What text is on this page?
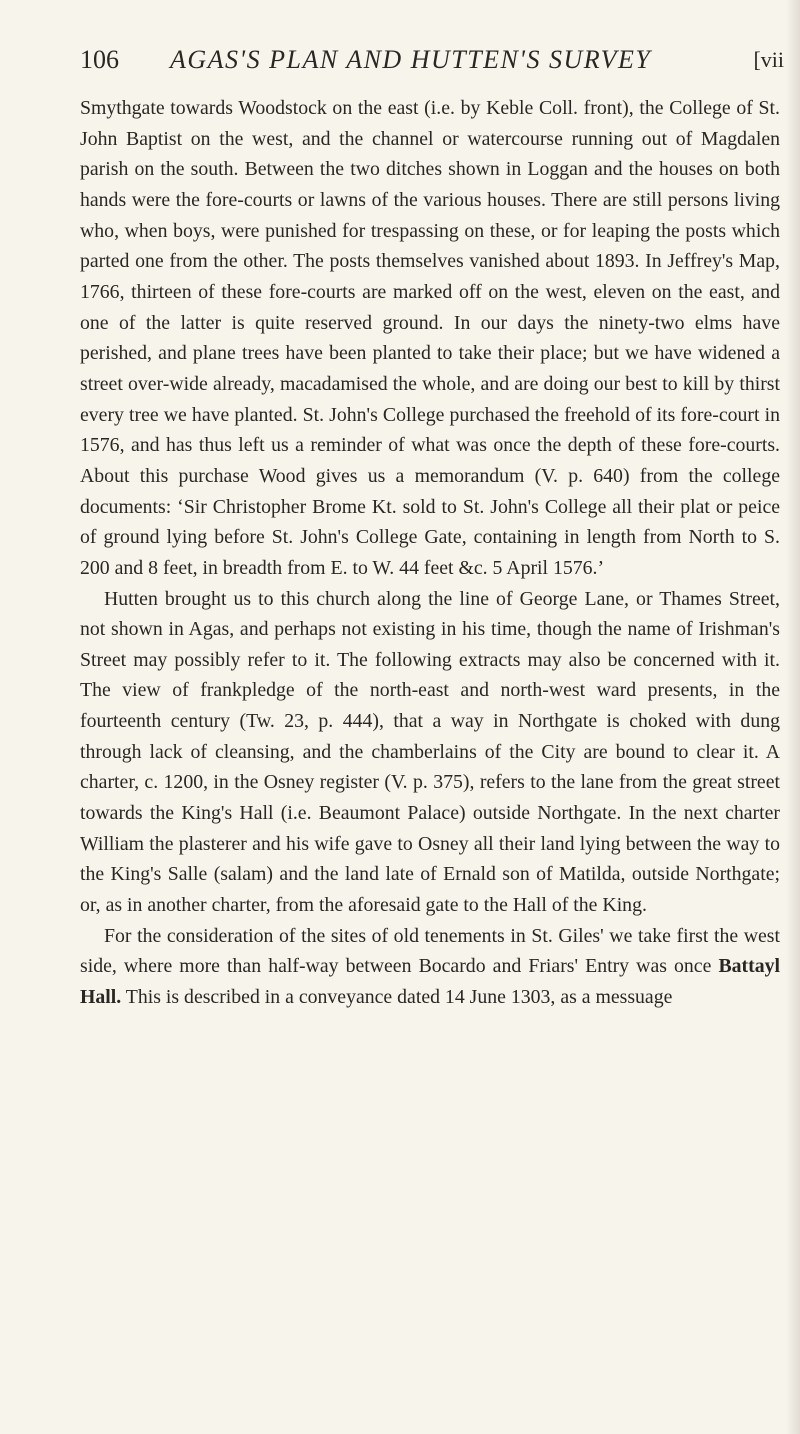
106 AGAS'S PLAN AND HUTTEN'S SURVEY	[vii

Smythgate towards Woodstock on the east (i.e. by Keble Coll. front), the College of St. John Baptist on the west, and the channel or watercourse running out of Magdalen parish on the south. Between the two ditches shown in Loggan and the houses on both hands were the fore-courts or lawns of the various houses. There are still persons living who, when boys, were punished for trespassing on these, or for leaping the posts which parted one from the other. The posts themselves vanished about 1893. In Jeffrey's Map, 1766, thirteen of these fore-courts are marked off on the west, eleven on the east, and one of the latter is quite reserved ground. In our days the ninety-two elms have perished, and plane trees have been planted to take their place; but we have widened a street over-wide already, macadamised the whole, and are doing our best to kill by thirst every tree we have planted. St. John's College purchased the freehold of its fore-court in 1576, and has thus left us a reminder of what was once the depth of these fore-courts. About this purchase Wood gives us a memorandum (V. p. 640) from the college documents: ‘Sir Christopher Brome Kt. sold to St. John's College all their plat or peice of ground lying before St. John's College Gate, containing in length from North to S. 200 and 8 feet, in breadth from E. to W. 44 feet &c. 5 April 1576.’

Hutten brought us to this church along the line of George Lane, or Thames Street, not shown in Agas, and perhaps not existing in his time, though the name of Irishman's Street may possibly refer to it. The following extracts may also be concerned with it. The view of frankpledge of the north-east and north-west ward presents, in the fourteenth century (Tw. 23, p. 444), that a way in Northgate is choked with dung through lack of cleansing, and the chamberlains of the City are bound to clear it. A charter, c. 1200, in the Osney register (V. p. 375), refers to the lane from the great street towards the King's Hall (i.e. Beaumont Palace) outside Northgate. In the next charter William the plasterer and his wife gave to Osney all their land lying between the way to the King's Salle (salam) and the land late of Ernald son of Matilda, outside Northgate; or, as in another charter, from the aforesaid gate to the Hall of the King.

For the consideration of the sites of old tenements in St. Giles' we take first the west side, where more than half-way between Bocardo and Friars' Entry was once Battayl Hall. This is described in a conveyance dated 14 June 1303, as a messuage
